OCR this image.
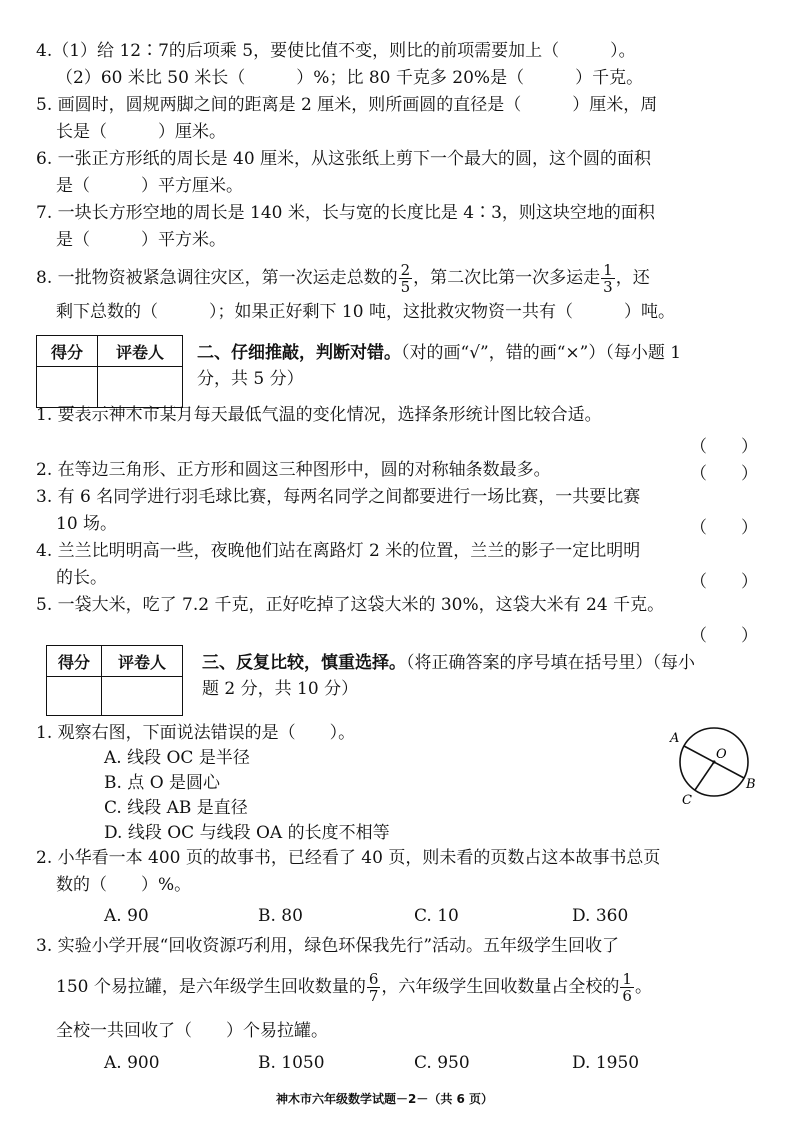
4.（1）给 12∶7的后项乘 5，要使比值不变，则比的前项需要加上（　　　）。
（2）60 米比 50 米长（　　　）%；比 80 千克多 20%是（　　　）千克。
5. 画圆时，圆规两脚之间的距离是 2 厘米，则所画圆的直径是（　　　）厘米，周
长是（　　　）厘米。
6. 一张正方形纸的周长是 40 厘米，从这张纸上剪下一个最大的圆，这个圆的面积
是（　　　）平方厘米。
7. 一块长方形空地的周长是 140 米，长与宽的长度比是 4∶3，则这块空地的面积
是（　　　）平方米。
8. 一批物资被紧急调往灾区，第一次运走总数的 $\frac{2}{5}$ ，第二次比第一次多运走 $\frac{1}{3}$ ，还
剩下总数的（　　　）；如果正好剩下 10 吨，这批救灾物资一共有（　　　）吨。
得分	评卷人
	二、仔细推敲，判断对错。（对的画“√”，错的画“×”）（每小题 1
分，共 5 分）
1. 要表示神木市某月每天最低气温的变化情况，选择条形统计图比较合适。
（　　）
2. 在等边三角形、正方形和圆这三种图形中，圆的对称轴条数最多。	（　　）
3. 有 6 名同学进行羽毛球比赛，每两名同学之间都要进行一场比赛，一共要比赛
10 场。	（　　）
4. 兰兰比明明高一些，夜晚他们站在离路灯 2 米的位置，兰兰的影子一定比明明
的长。	（　　）
5. 一袋大米，吃了 7.2 千克，正好吃掉了这袋大米的 30%，这袋大米有 24 千克。
（　　）
得分	评卷人
	三、反复比较，慎重选择。（将正确答案的序号填在括号里）（每小
题 2 分，共 10 分）
1. 观察右图，下面说法错误的是（　　）。
A. 线段 OC 是半径
B. 点 O 是圆心
C. 线段 AB 是直径
D. 线段 OC 与线段 OA 的长度不相等
A
O
B
C
2. 小华看一本 400 页的故事书，已经看了 40 页，则未看的页数占这本故事书总页
数的（　　）%。
A. 90	B. 80	C. 10	D. 360
3. 实验小学开展“回收资源巧利用，绿色环保我先行”活动。五年级学生回收了
150 个易拉罐，是六年级学生回收数量的 $\frac{6}{7}$ ，六年级学生回收数量占全校的 $\frac{1}{6}$ 。
全校一共回收了（　　）个易拉罐。
A. 900	B. 1050	C. 950	D. 1950
神木市六年级数学试题－2－（共 6 页）
